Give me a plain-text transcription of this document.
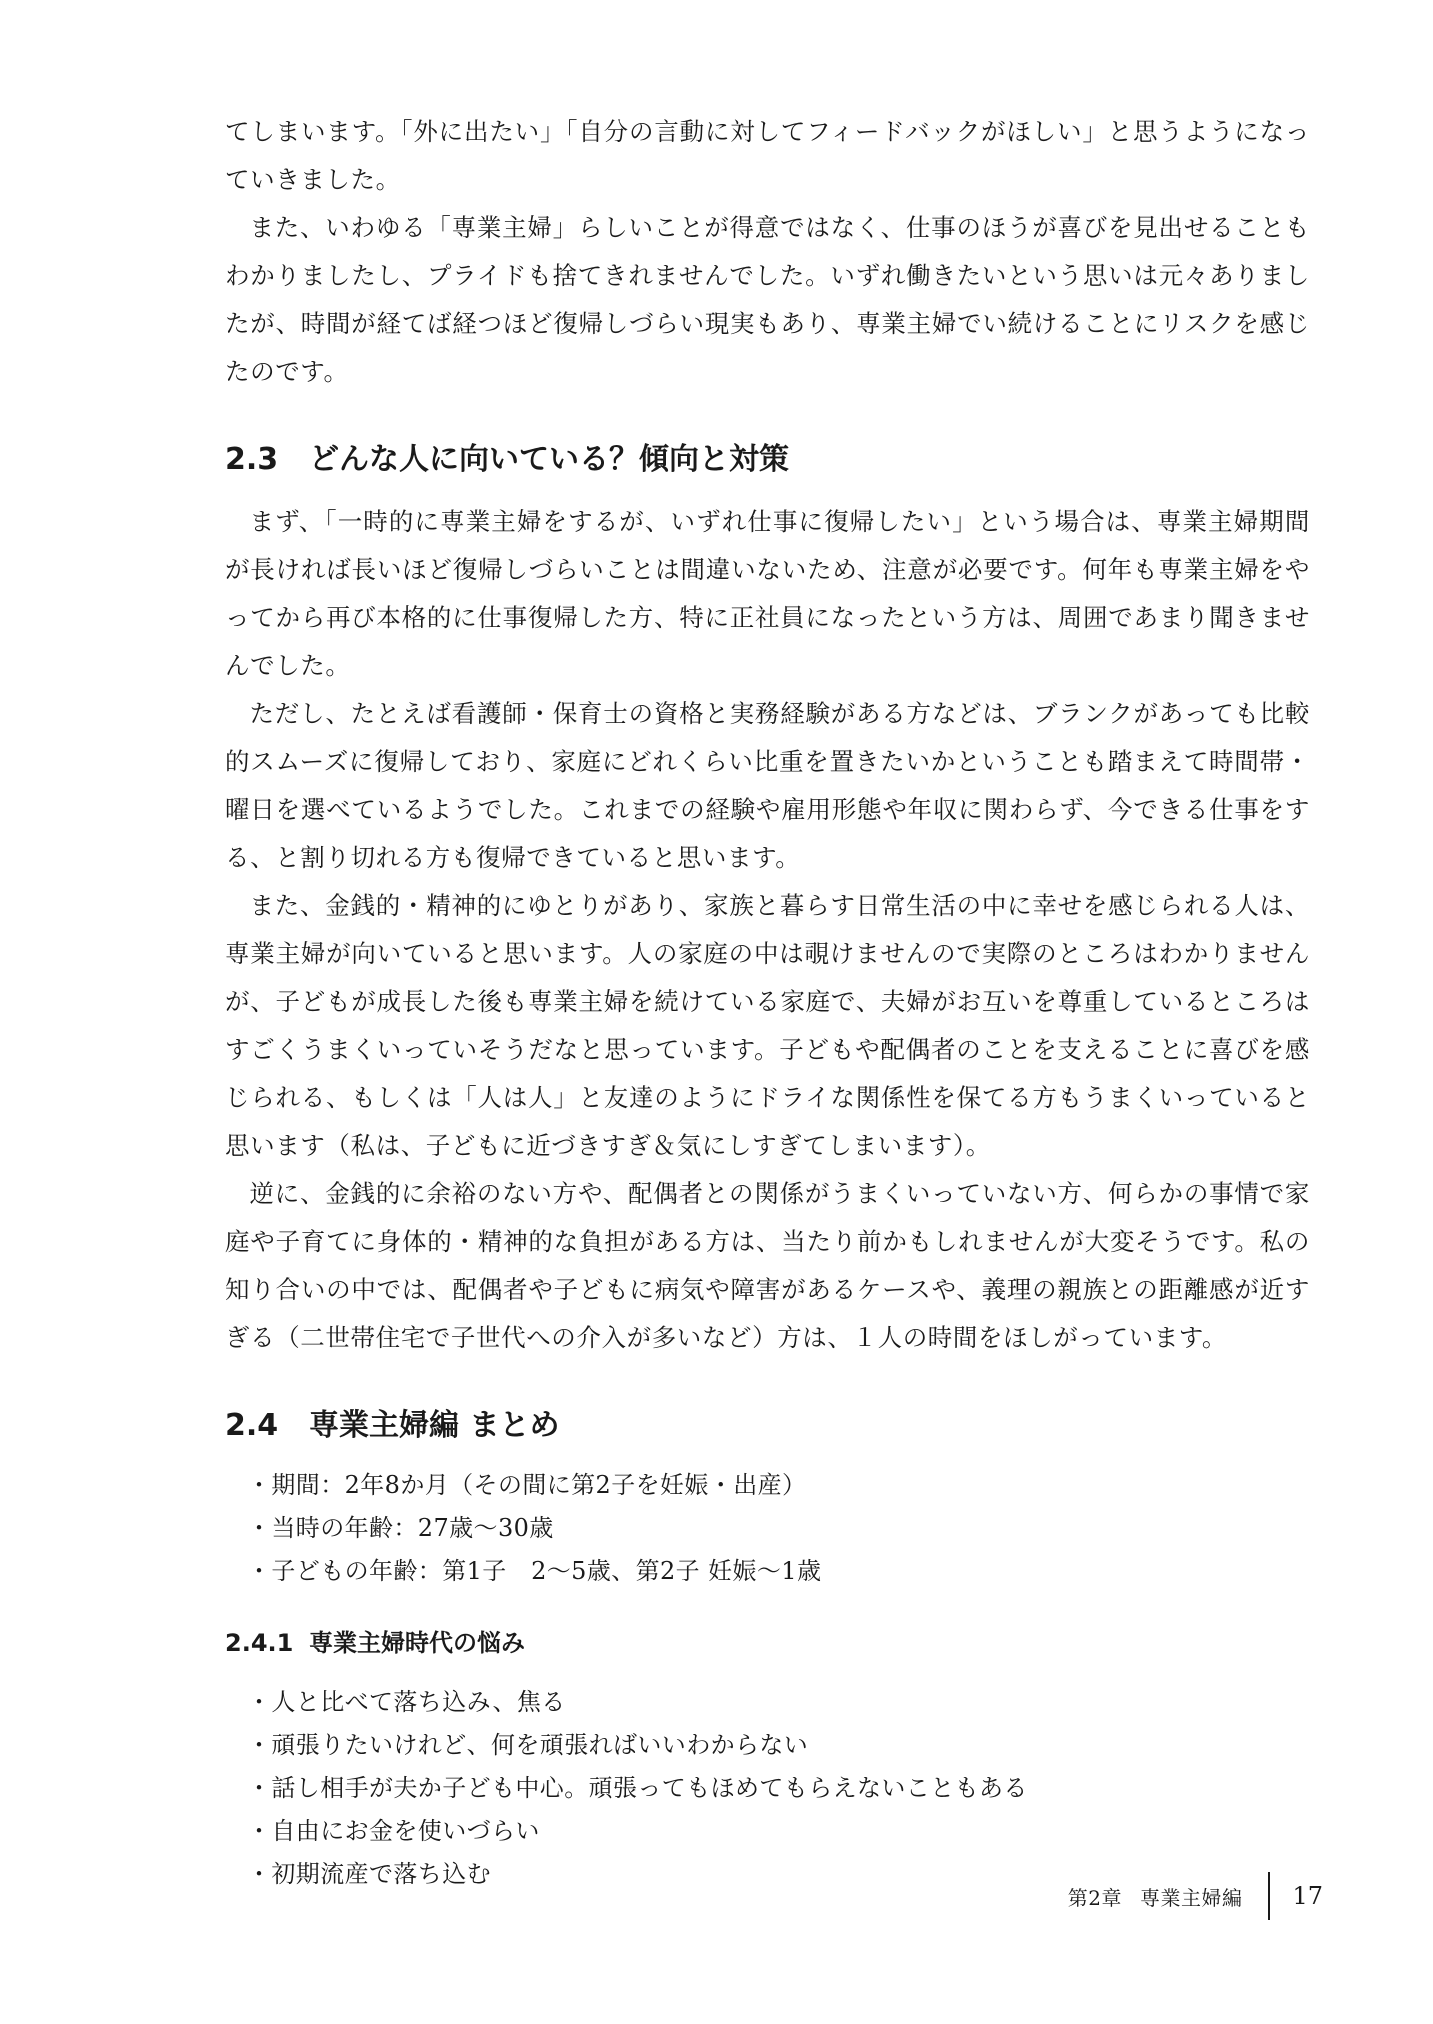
てしまいます。「外に出たい」「自分の言動に対してフィードバックがほしい」と思うようになっていきました。

また、いわゆる「専業主婦」らしいことが得意ではなく、仕事のほうが喜びを見出せることもわかりましたし、プライドも捨てきれませんでした。いずれ働きたいという思いは元々ありましたが、時間が経てば経つほど復帰しづらい現実もあり、専業主婦でい続けることにリスクを感じたのです。

2.3	どんな人に向いている？傾向と対策

まず、「一時的に専業主婦をするが、いずれ仕事に復帰したい」という場合は、専業主婦期間が長ければ長いほど復帰しづらいことは間違いないため、注意が必要です。何年も専業主婦をやってから再び本格的に仕事復帰した方、特に正社員になったという方は、周囲であまり聞きませんでした。

ただし、たとえば看護師・保育士の資格と実務経験がある方などは、ブランクがあっても比較的スムーズに復帰しており、家庭にどれくらい比重を置きたいかということも踏まえて時間帯・曜日を選べているようでした。これまでの経験や雇用形態や年収に関わらず、今できる仕事をする、と割り切れる方も復帰できていると思います。

また、金銭的・精神的にゆとりがあり、家族と暮らす日常生活の中に幸せを感じられる人は、専業主婦が向いていると思います。人の家庭の中は覗けませんので実際のところはわかりませんが、子どもが成長した後も専業主婦を続けている家庭で、夫婦がお互いを尊重しているところはすごくうまくいっていそうだなと思っています。子どもや配偶者のことを支えることに喜びを感じられる、もしくは「人は人」と友達のようにドライな関係性を保てる方もうまくいっていると思います（私は、子どもに近づきすぎ＆気にしすぎてしまいます）。

逆に、金銭的に余裕のない方や、配偶者との関係がうまくいっていない方、何らかの事情で家庭や子育てに身体的・精神的な負担がある方は、当たり前かもしれませんが大変そうです。私の知り合いの中では、配偶者や子どもに病気や障害があるケースや、義理の親族との距離感が近すぎる（二世帯住宅で子世代への介入が多いなど）方は、１人の時間をほしがっています。

2.4	専業主婦編 まとめ
・期間：2年8か月（その間に第2子を妊娠・出産）
・当時の年齢：27歳〜30歳
・子どもの年齢：第1子　2〜5歳、第2子 妊娠〜1歳
2.4.1 専業主婦時代の悩み
・人と比べて落ち込み、焦る
・頑張りたいけれど、何を頑張ればいいわからない
・話し相手が夫か子ども中心。頑張ってもほめてもらえないこともある
・自由にお金を使いづらい
・初期流産で落ち込む
第2章 専業主婦編 17
